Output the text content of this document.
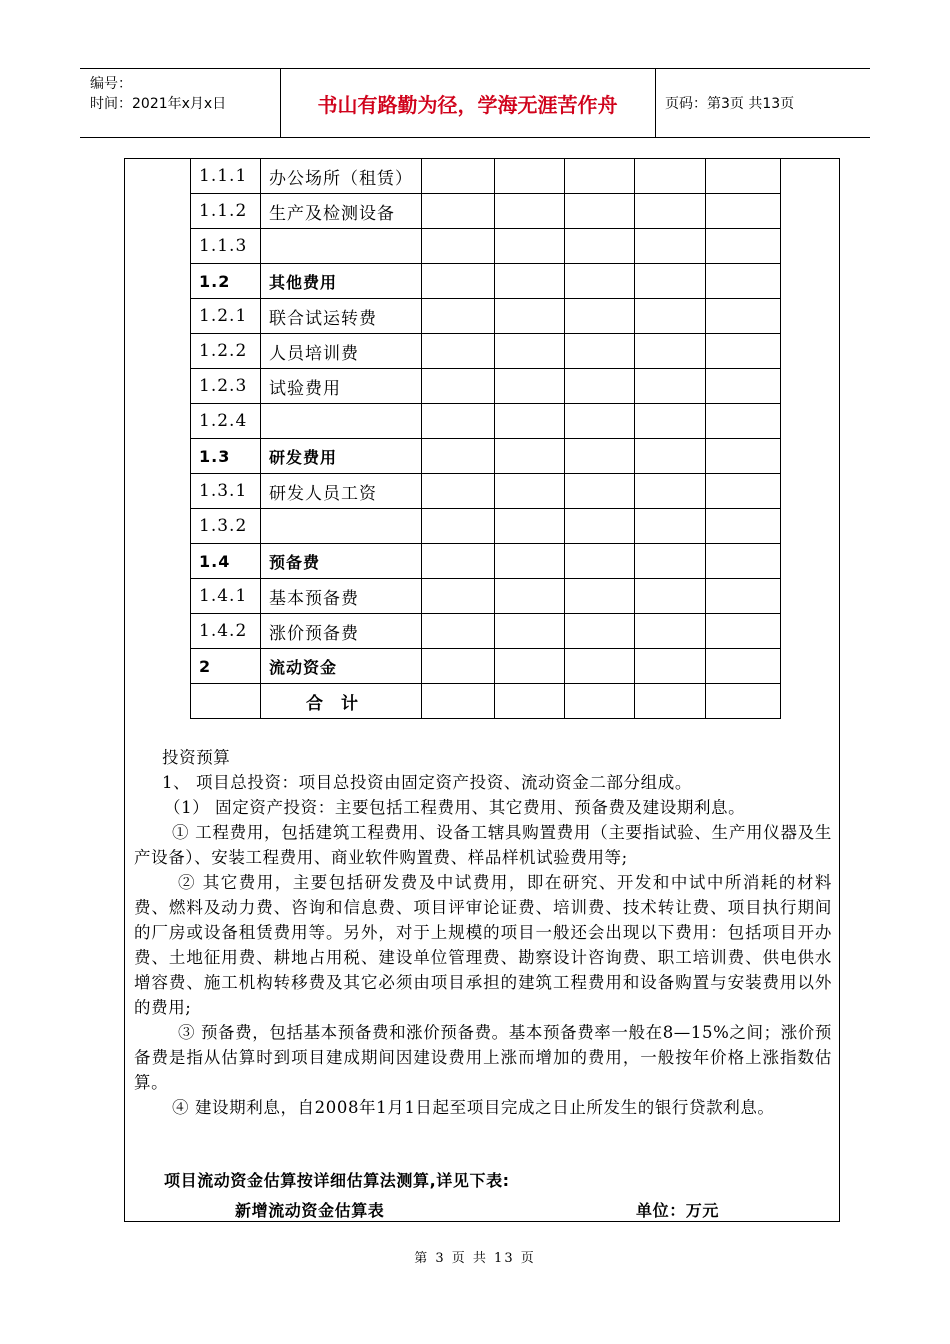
编号：
时间：2021年x月x日	书山有路勤为径，学海无涯苦作舟	页码：第3页 共13页
1.1.1	办公场所（租赁）					
1.1.2	生产及检测设备					
1.1.3						
1.2	其他费用					
1.2.1	联合试运转费					
1.2.2	人员培训费					
1.2.3	试验费用					
1.2.4						
1.3	研发费用					
1.3.1	研发人员工资					
1.3.2						
1.4	预备费					
1.4.1	基本预备费					
1.4.2	涨价预备费					
2	流动资金					
	合计					
投资预算
1、 项目总投资：项目总投资由固定资产投资、流动资金二部分组成。
（1） 固定资产投资：主要包括工程费用、其它费用、预备费及建设期利息。
① 工程费用，包括建筑工程费用、设备工辖具购置费用（主要指试验、生产用仪器及生产设备）、安装工程费用、商业软件购置费、样品样机试验费用等;
② 其它费用，主要包括研发费及中试费用，即在研究、开发和中试中所消耗的材料费、燃料及动力费、咨询和信息费、项目评审论证费、培训费、技术转让费、项目执行期间的厂房或设备租赁费用等。另外，对于上规模的项目一般还会出现以下费用：包括项目开办费、土地征用费、耕地占用税、建设单位管理费、勘察设计咨询费、职工培训费、供电供水增容费、施工机构转移费及其它必须由项目承担的建筑工程费用和设备购置与安装费用以外的费用;
③ 预备费，包括基本预备费和涨价预备费。基本预备费率一般在8—15%之间；涨价预备费是指从估算时到项目建成期间因建设费用上涨而增加的费用，一般按年价格上涨指数估算。
④ 建设期利息，自2008年1月1日起至项目完成之日止所发生的银行贷款利息。
项目流动资金估算按详细估算法测算,详见下表:
新增流动资金估算表	单位：万元
第 3 页 共 13 页
